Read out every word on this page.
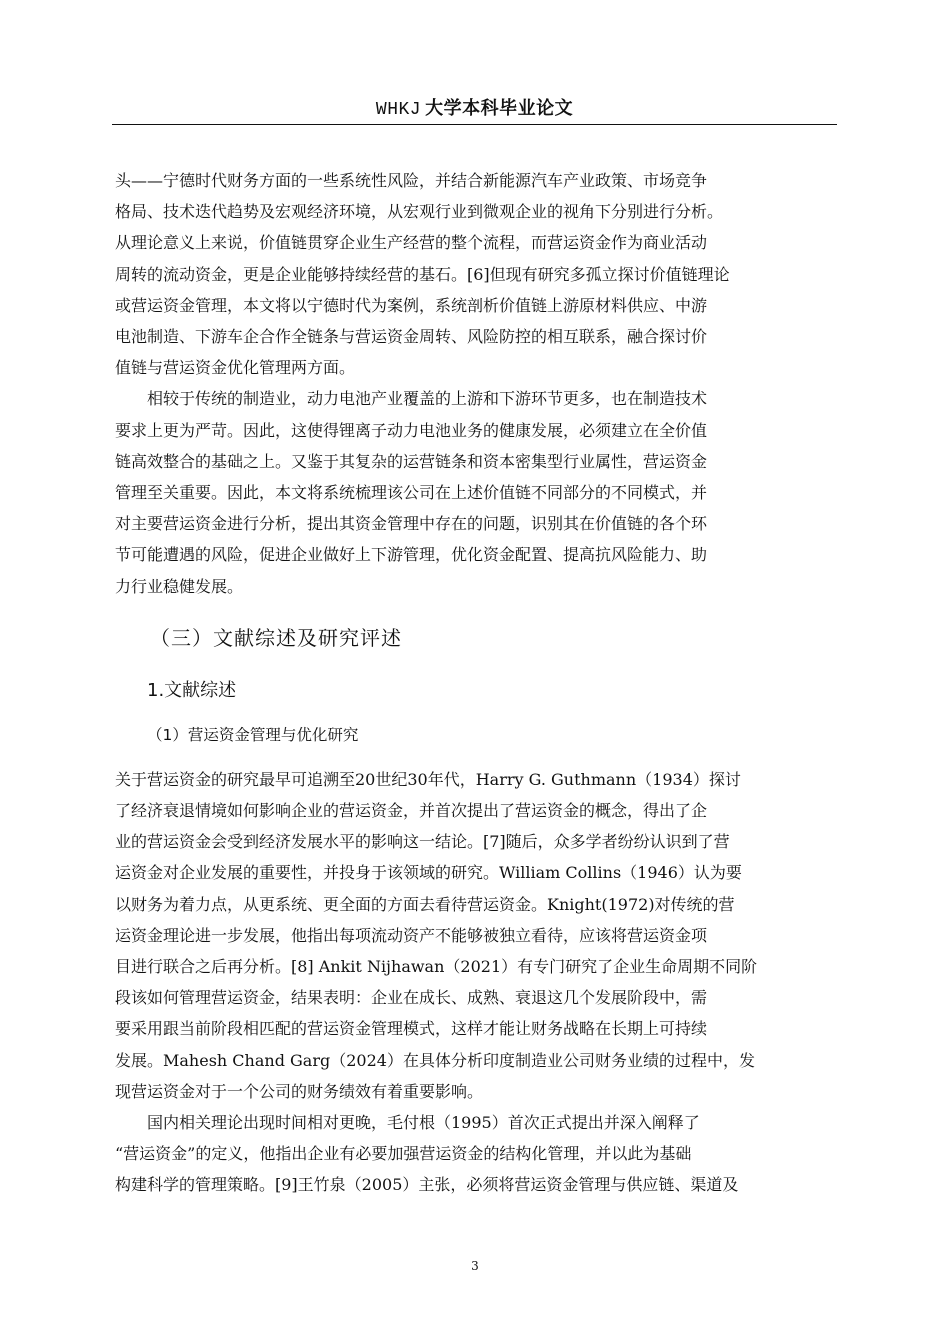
WHKJ 大学本科毕业论文

头——宁德时代财务方面的一些系统性风险，并结合新能源汽车产业政策、市场竞争
格局、技术迭代趋势及宏观经济环境，从宏观行业到微观企业的视角下分别进行分析。
从理论意义上来说，价值链贯穿企业生产经营的整个流程，而营运资金作为商业活动
周转的流动资金，更是企业能够持续经营的基石。[6]但现有研究多孤立探讨价值链理论
或营运资金管理，本文将以宁德时代为案例，系统剖析价值链上游原材料供应、中游
电池制造、下游车企合作全链条与营运资金周转、风险防控的相互联系，融合探讨价
值链与营运资金优化管理两方面。

相较于传统的制造业，动力电池产业覆盖的上游和下游环节更多，也在制造技术
要求上更为严苛。因此，这使得锂离子动力电池业务的健康发展，必须建立在全价值
链高效整合的基础之上。又鉴于其复杂的运营链条和资本密集型行业属性，营运资金
管理至关重要。因此，本文将系统梳理该公司在上述价值链不同部分的不同模式，并
对主要营运资金进行分析，提出其资金管理中存在的问题，识别其在价值链的各个环
节可能遭遇的风险，促进企业做好上下游管理，优化资金配置、提高抗风险能力、助
力行业稳健发展。

（三）文献综述及研究评述
1.文献综述
（1）营运资金管理与优化研究

关于营运资金的研究最早可追溯至20世纪30年代，Harry G. Guthmann（1934）探讨
了经济衰退情境如何影响企业的营运资金，并首次提出了营运资金的概念，得出了企
业的营运资金会受到经济发展水平的影响这一结论。[7]随后，众多学者纷纷认识到了营
运资金对企业发展的重要性，并投身于该领域的研究。William Collins（1946）认为要
以财务为着力点，从更系统、更全面的方面去看待营运资金。Knight(1972)对传统的营
运资金理论进一步发展，他指出每项流动资产不能够被独立看待，应该将营运资金项
目进行联合之后再分析。[8] Ankit Nijhawan（2021）有专门研究了企业生命周期不同阶
段该如何管理营运资金，结果表明：企业在成长、成熟、衰退这几个发展阶段中，需
要采用跟当前阶段相匹配的营运资金管理模式，这样才能让财务战略在长期上可持续
发展。Mahesh Chand Garg（2024）在具体分析印度制造业公司财务业绩的过程中，发
现营运资金对于一个公司的财务绩效有着重要影响。

国内相关理论出现时间相对更晚，毛付根（1995）首次正式提出并深入阐释了
“营运资金”的定义，他指出企业有必要加强营运资金的结构化管理，并以此为基础
构建科学的管理策略。[9]王竹泉（2005）主张，必须将营运资金管理与供应链、渠道及

3
